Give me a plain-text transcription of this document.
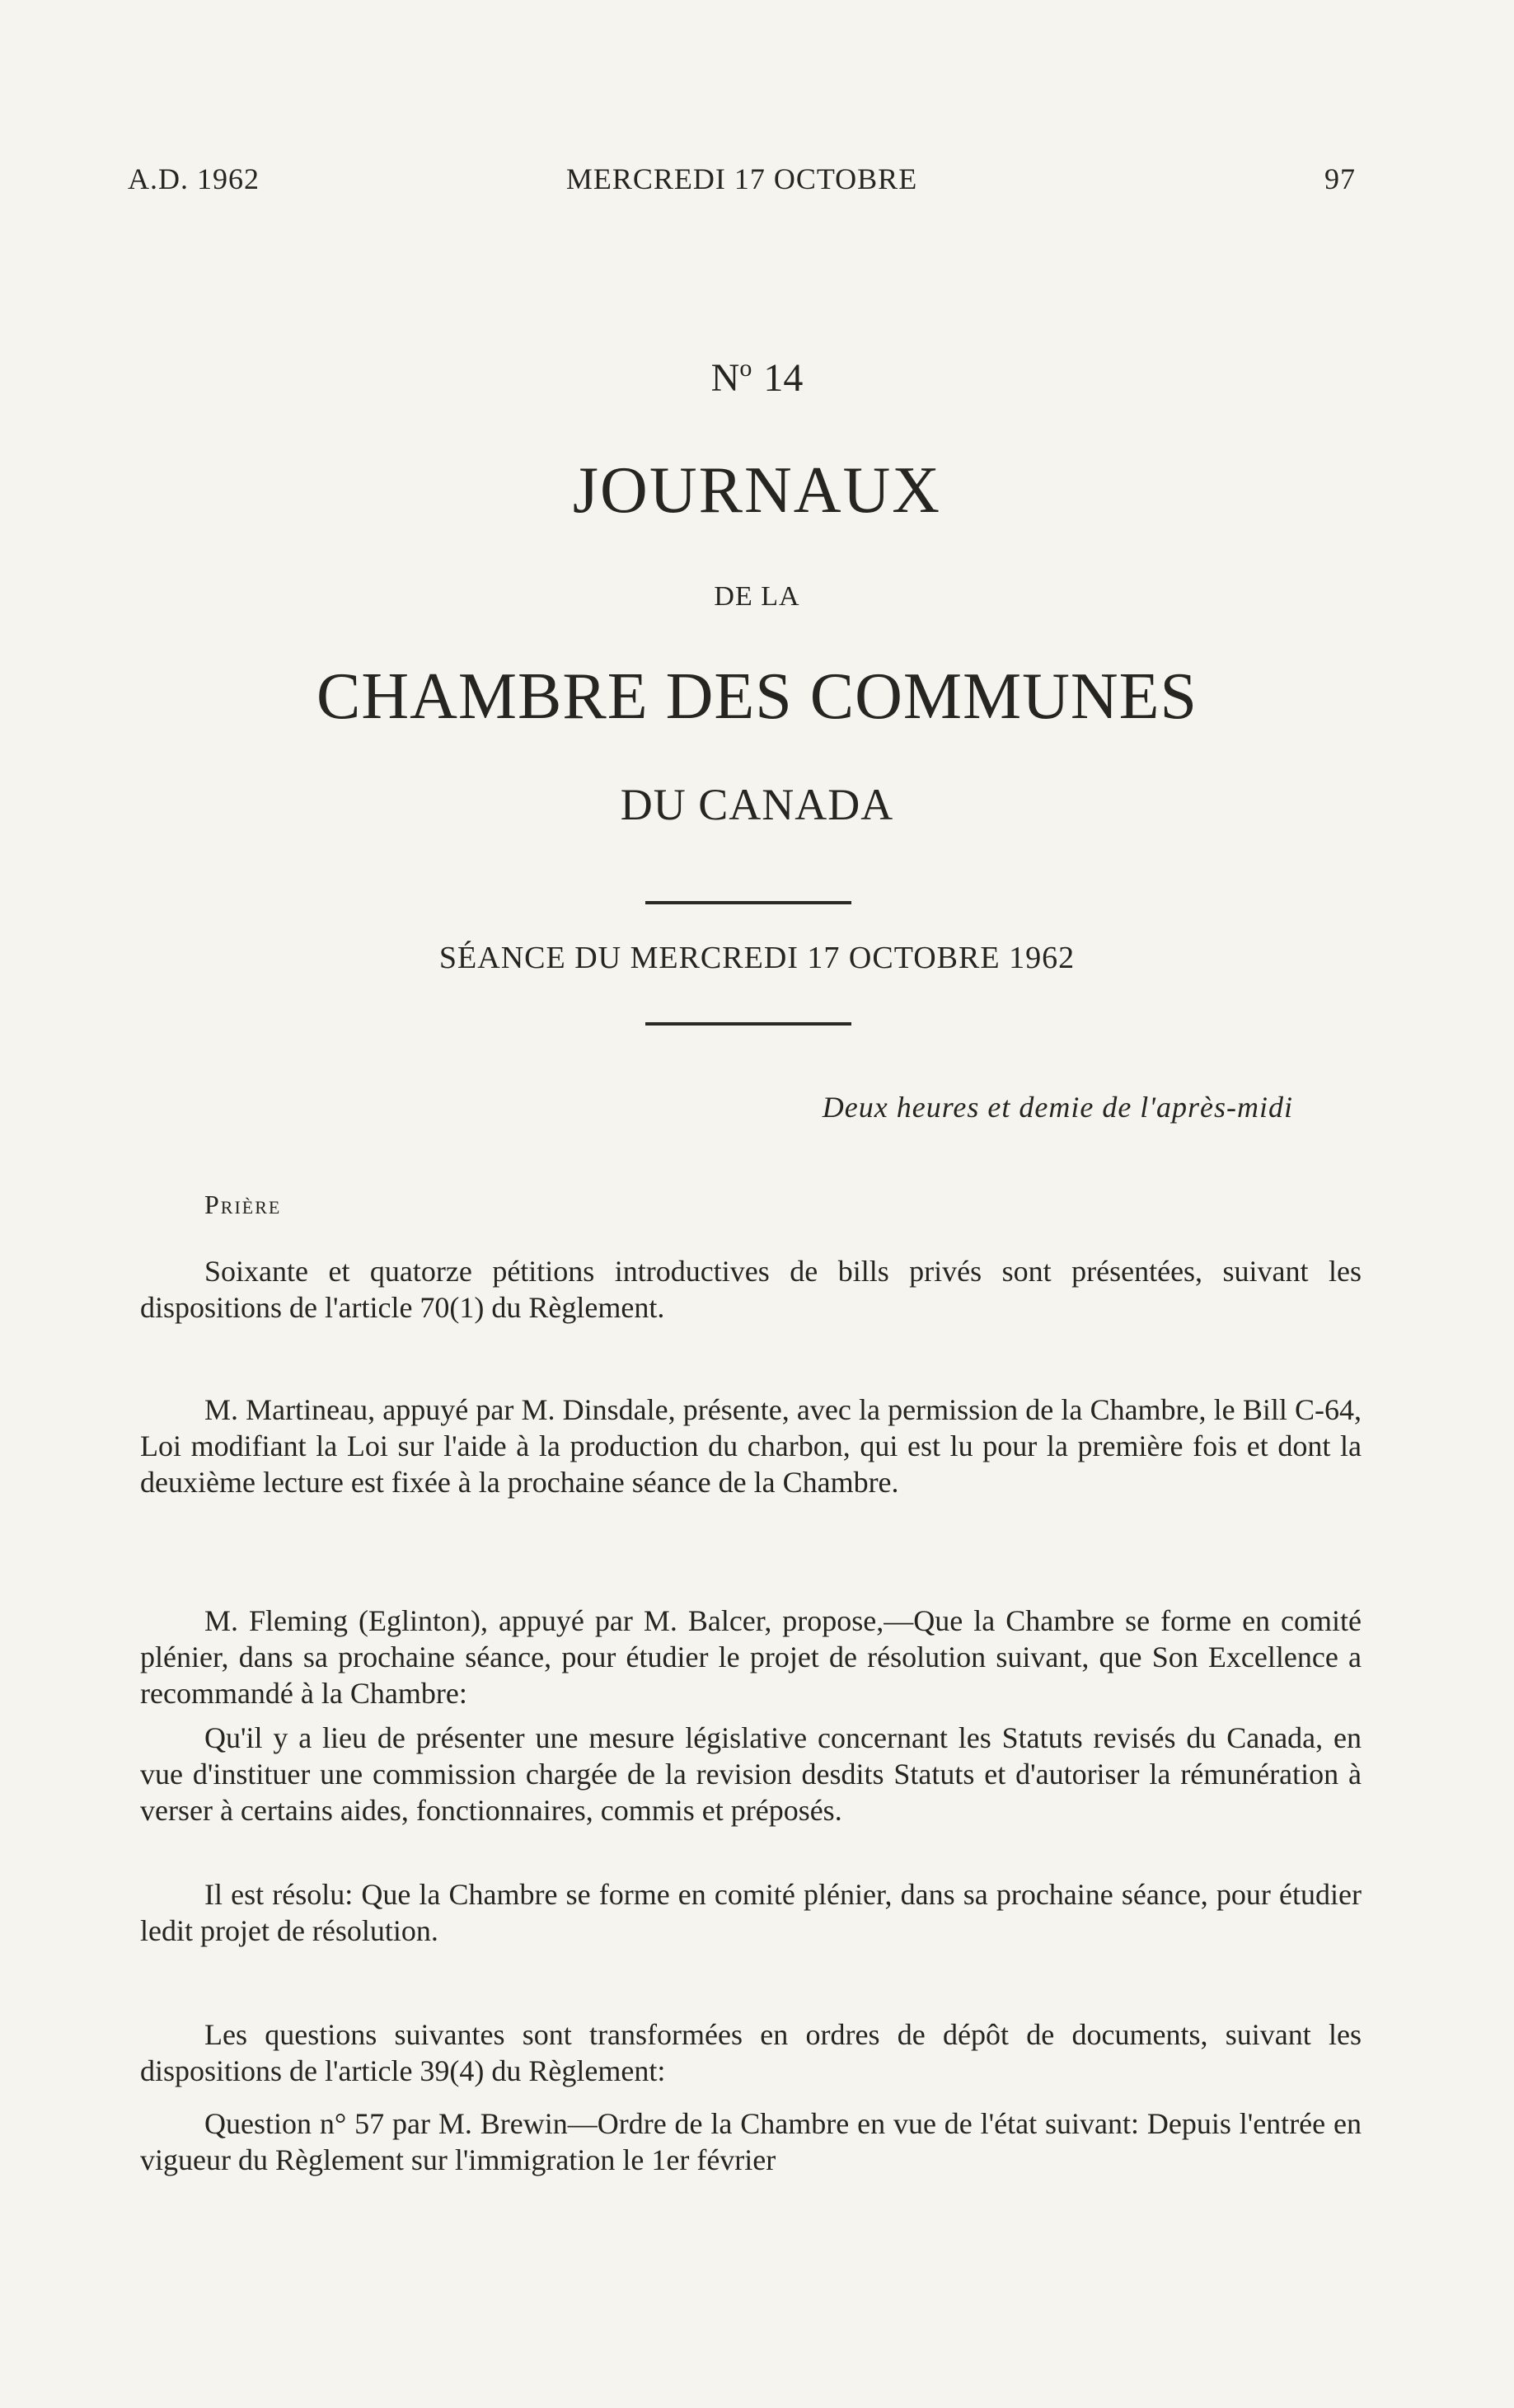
A.D. 1962	MERCREDI 17 OCTOBRE	97
$N^o$ 14
JOURNAUX
DE LA
CHAMBRE DES COMMUNES
DU CANADA
SÉANCE DU MERCREDI 17 OCTOBRE 1962
Deux heures et demie de l'après-midi
Prière

Soixante et quatorze pétitions introductives de bills privés sont présentées, suivant les dispositions de l'article 70(1) du Règlement.

M. Martineau, appuyé par M. Dinsdale, présente, avec la permission de la Chambre, le Bill C-64, Loi modifiant la Loi sur l'aide à la production du charbon, qui est lu pour la première fois et dont la deuxième lecture est fixée à la prochaine séance de la Chambre.

M. Fleming (Eglinton), appuyé par M. Balcer, propose,—Que la Chambre se forme en comité plénier, dans sa prochaine séance, pour étudier le projet de résolution suivant, que Son Excellence a recommandé à la Chambre:

Qu'il y a lieu de présenter une mesure législative concernant les Statuts revisés du Canada, en vue d'instituer une commission chargée de la revision desdits Statuts et d'autoriser la rémunération à verser à certains aides, fonctionnaires, commis et préposés.

Il est résolu: Que la Chambre se forme en comité plénier, dans sa prochaine séance, pour étudier ledit projet de résolution.

Les questions suivantes sont transformées en ordres de dépôt de documents, suivant les dispositions de l'article 39(4) du Règlement:

Question n° 57 par M. Brewin—Ordre de la Chambre en vue de l'état suivant: Depuis l'entrée en vigueur du Règlement sur l'immigration le 1er février
